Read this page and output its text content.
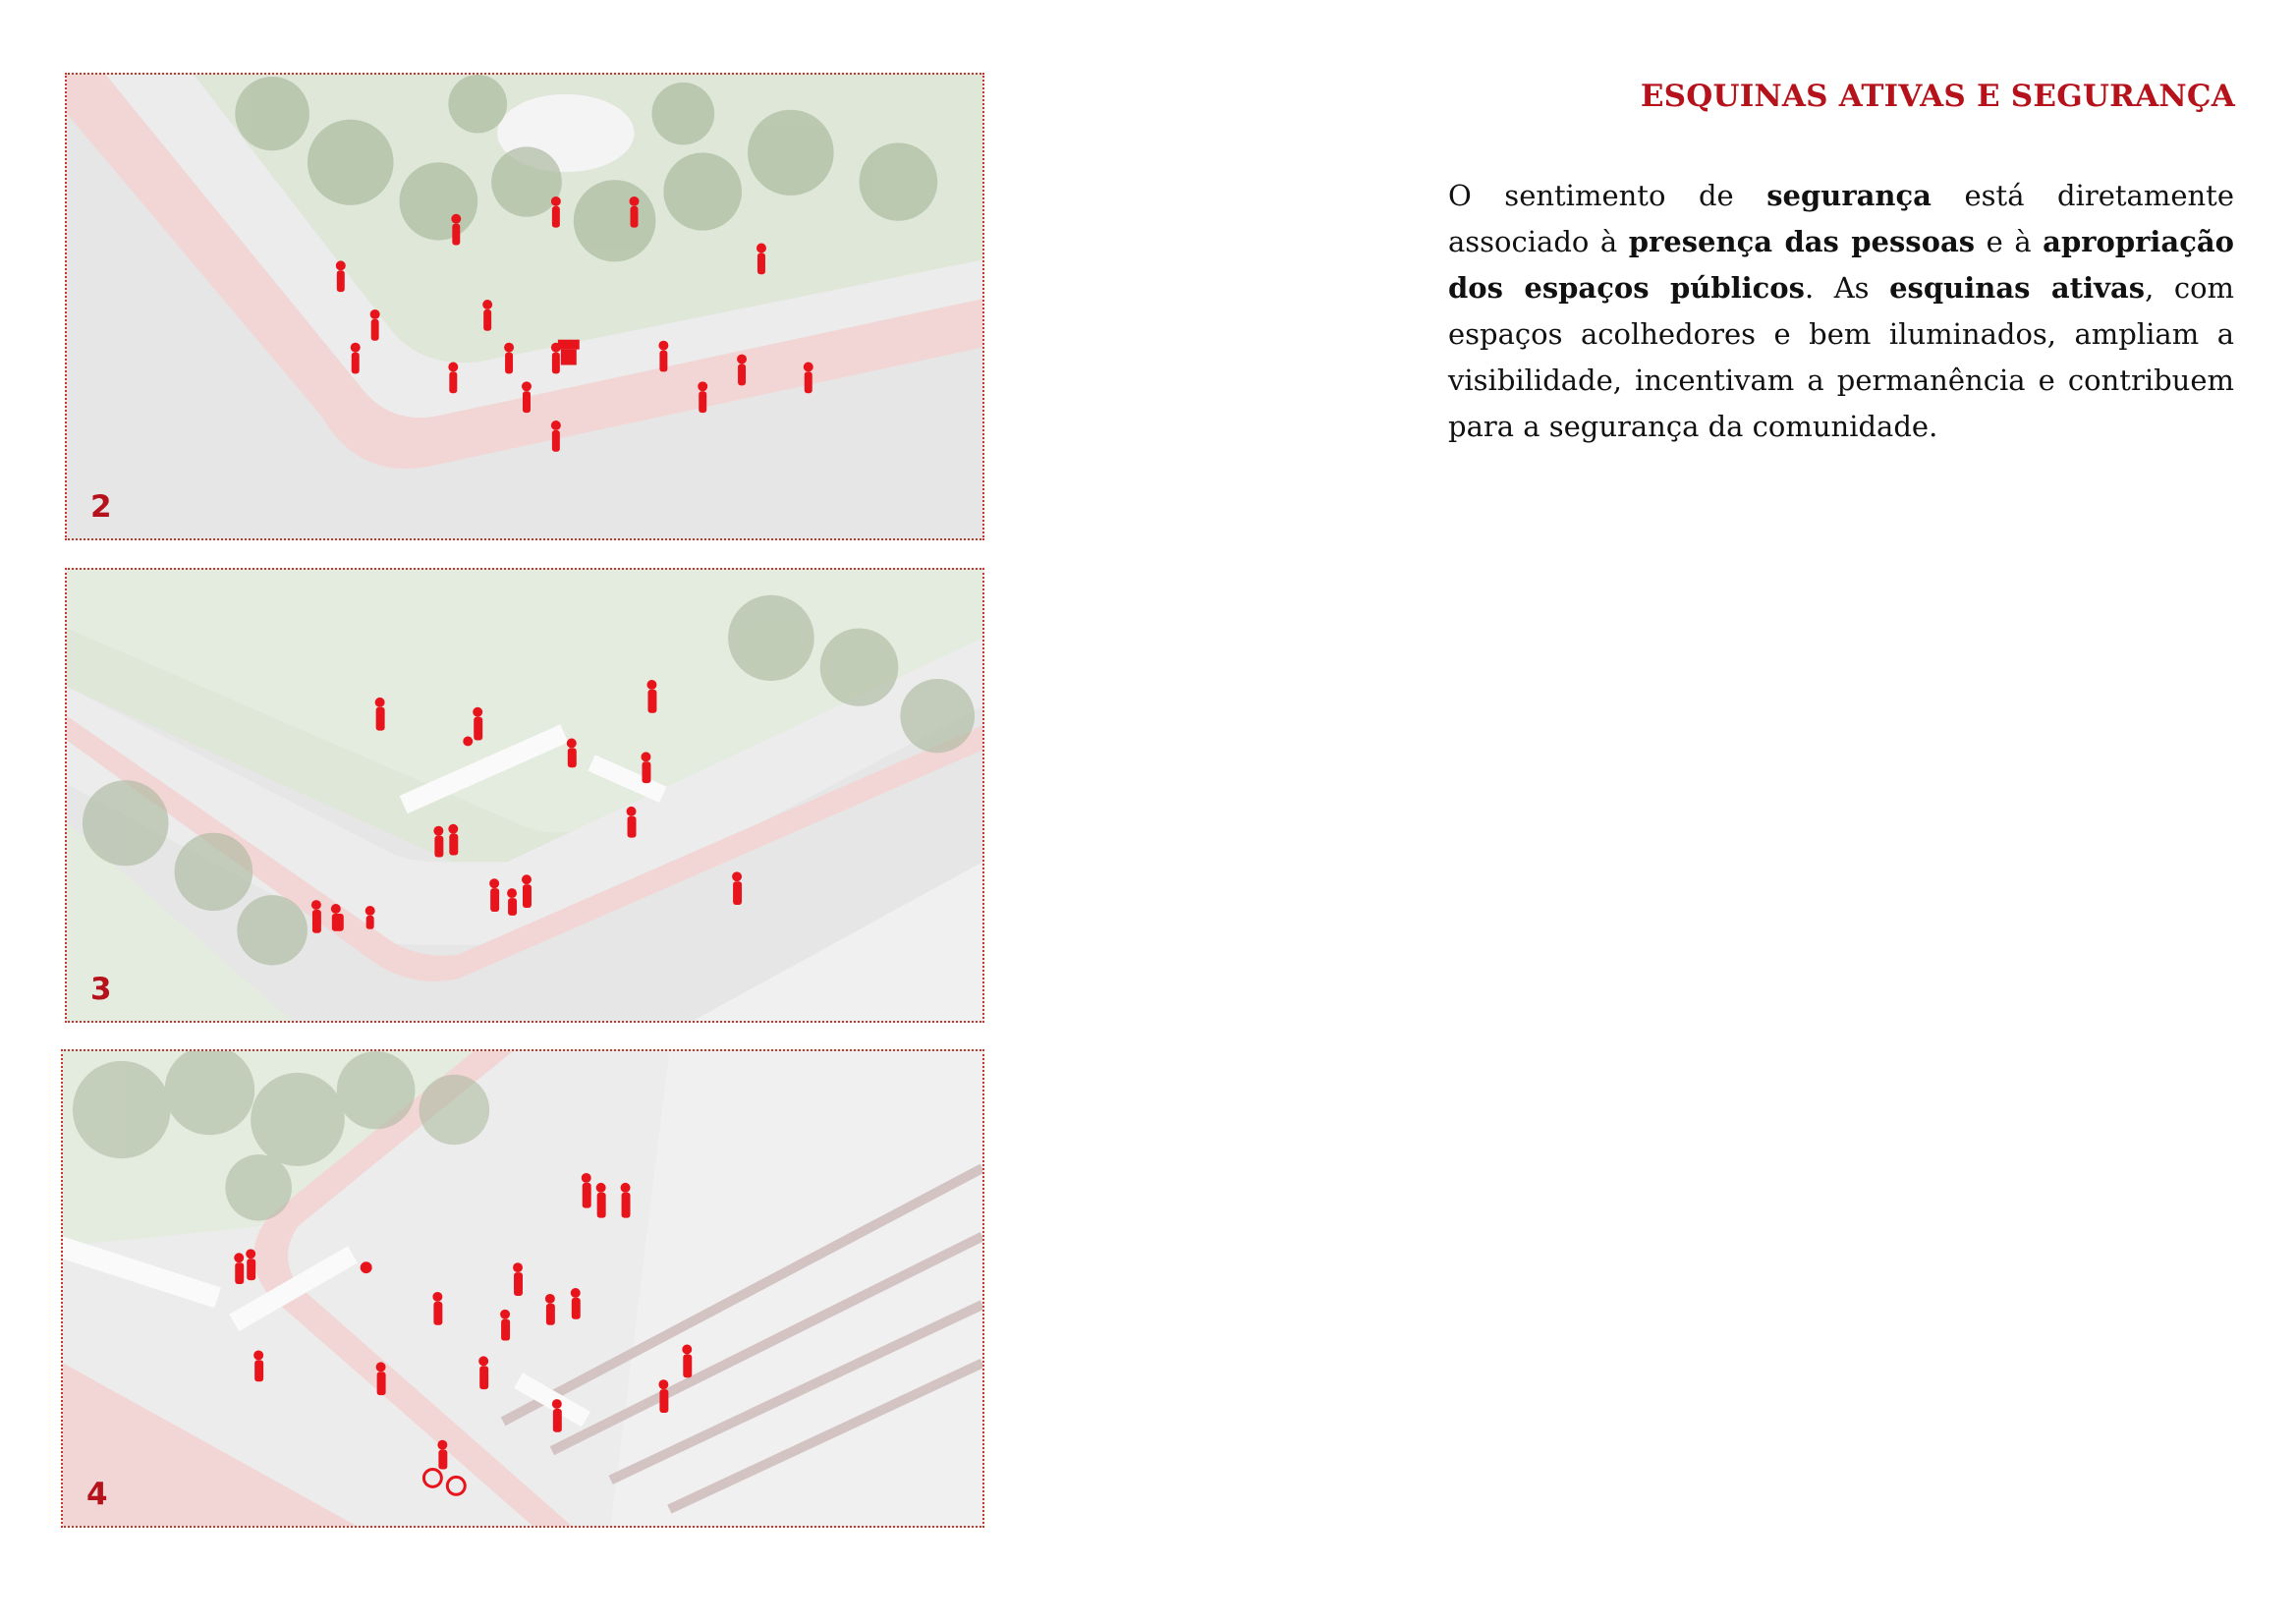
2
3
4
ESQUINAS ATIVAS E SEGURANÇA
O sentimento de segurança está diretamente associado à presença das pessoas e à apropriação dos espaços públicos. As esquinas ativas, com espaços acolhedores e bem iluminados, ampliam a visibilidade, incentivam a permanência e contribuem para a segurança da comunidade.
